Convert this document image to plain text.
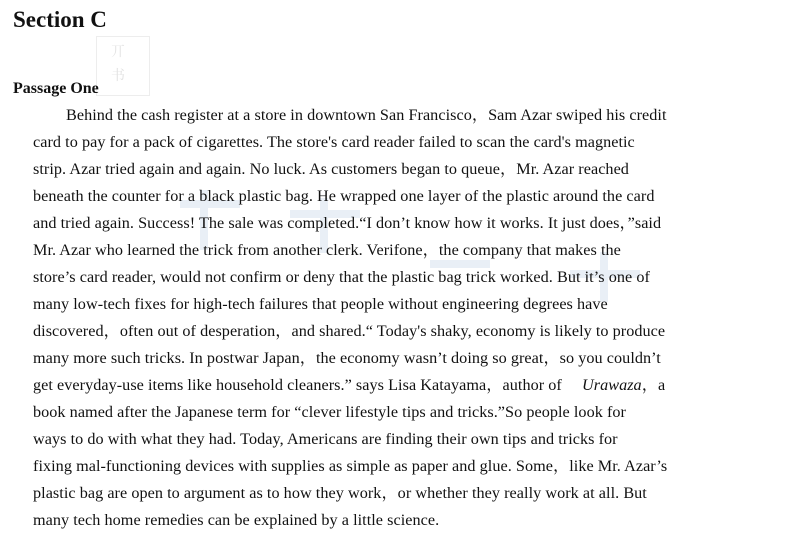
丌
书
Section C
Passage One
Behind the cash register at a store in downtown San Francisco，Sam Azar swiped his credit
card to pay for a pack of cigarettes. The store's card reader failed to scan the card's magnetic
strip. Azar tried again and again. No luck. As customers began to queue，Mr. Azar reached
beneath the counter for a black plastic bag. He wrapped one layer of the plastic around the card
and tried again. Success! The sale was completed.“I don’t know how it works. It just does，”said
Mr. Azar who learned the trick from another clerk. Verifone，the company that makes the
store’s card reader, would not confirm or deny that the plastic bag trick worked. But it’s one of
many low-tech fixes for high-tech failures that people without engineering degrees have
discovered，often out of desperation，and shared.“ Today's shaky, economy is likely to produce
many more such tricks. In postwar Japan，the economy wasn’t doing so great，so you couldn’t
get everyday-use items like household cleaners.” says Lisa Katayama，author of Urawaza，a
book named after the Japanese term for “clever lifestyle tips and tricks.”So people look for
ways to do with what they had. Today, Americans are finding their own tips and tricks for
fixing mal-functioning devices with supplies as simple as paper and glue. Some，like Mr. Azar’s
plastic bag are open to argument as to how they work，or whether they really work at all. But
many tech home remedies can be explained by a little science.
